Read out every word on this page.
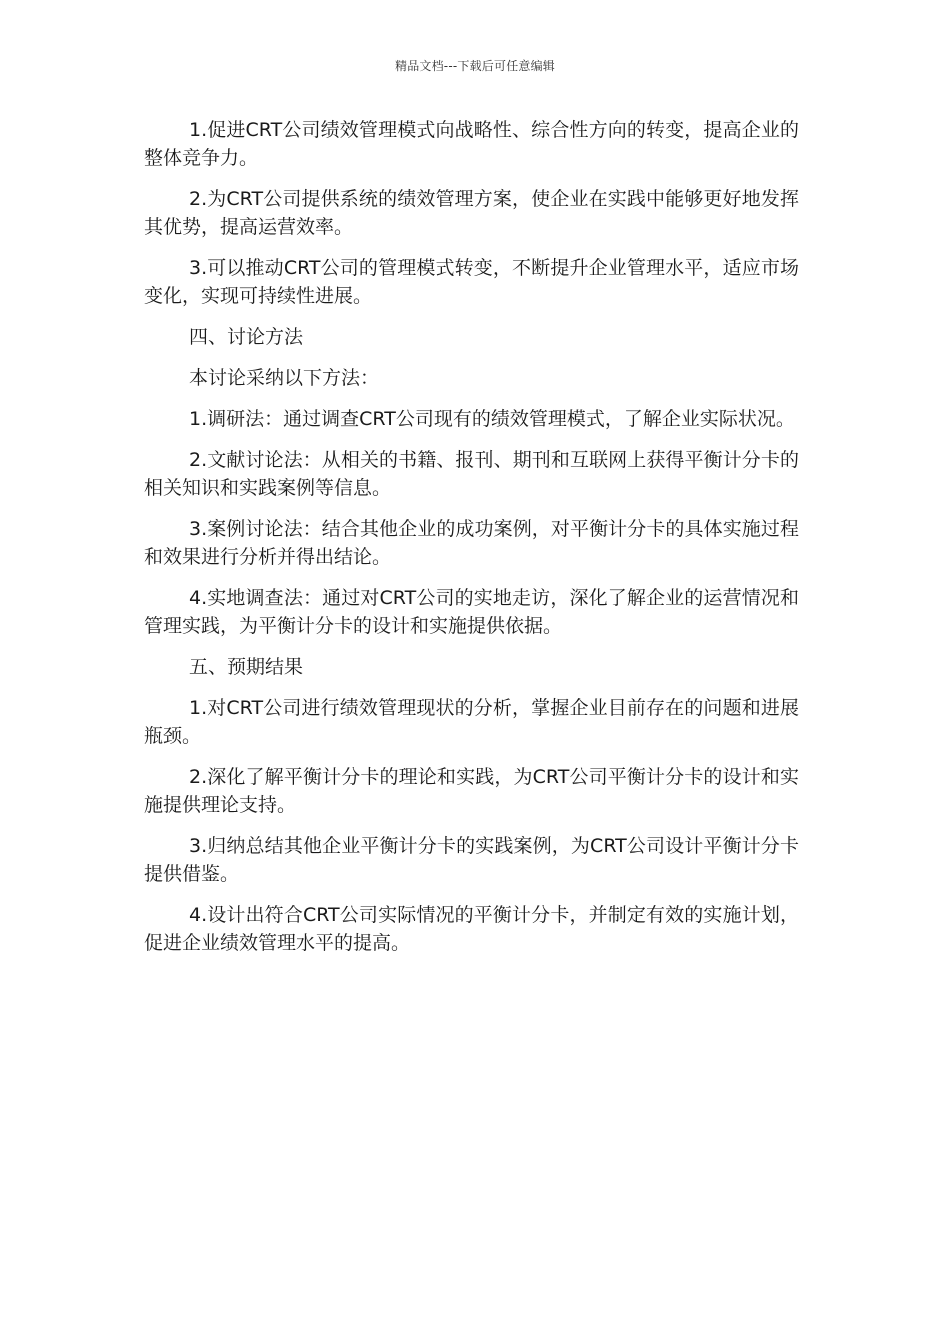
精品文档---下载后可任意编辑

1.促进CRT公司绩效管理模式向战略性、综合性方向的转变，提高企业的整体竞争力。

2.为CRT公司提供系统的绩效管理方案，使企业在实践中能够更好地发挥其优势，提高运营效率。

3.可以推动CRT公司的管理模式转变，不断提升企业管理水平，适应市场变化，实现可持续性进展。

四、讨论方法

本讨论采纳以下方法：

1.调研法：通过调查CRT公司现有的绩效管理模式，了解企业实际状况。

2.文献讨论法：从相关的书籍、报刊、期刊和互联网上获得平衡计分卡的相关知识和实践案例等信息。

3.案例讨论法：结合其他企业的成功案例，对平衡计分卡的具体实施过程和效果进行分析并得出结论。

4.实地调查法：通过对CRT公司的实地走访，深化了解企业的运营情况和管理实践，为平衡计分卡的设计和实施提供依据。

五、预期结果

1.对CRT公司进行绩效管理现状的分析，掌握企业目前存在的问题和进展瓶颈。

2.深化了解平衡计分卡的理论和实践，为CRT公司平衡计分卡的设计和实施提供理论支持。

3.归纳总结其他企业平衡计分卡的实践案例，为CRT公司设计平衡计分卡提供借鉴。

4.设计出符合CRT公司实际情况的平衡计分卡，并制定有效的实施计划，促进企业绩效管理水平的提高。
